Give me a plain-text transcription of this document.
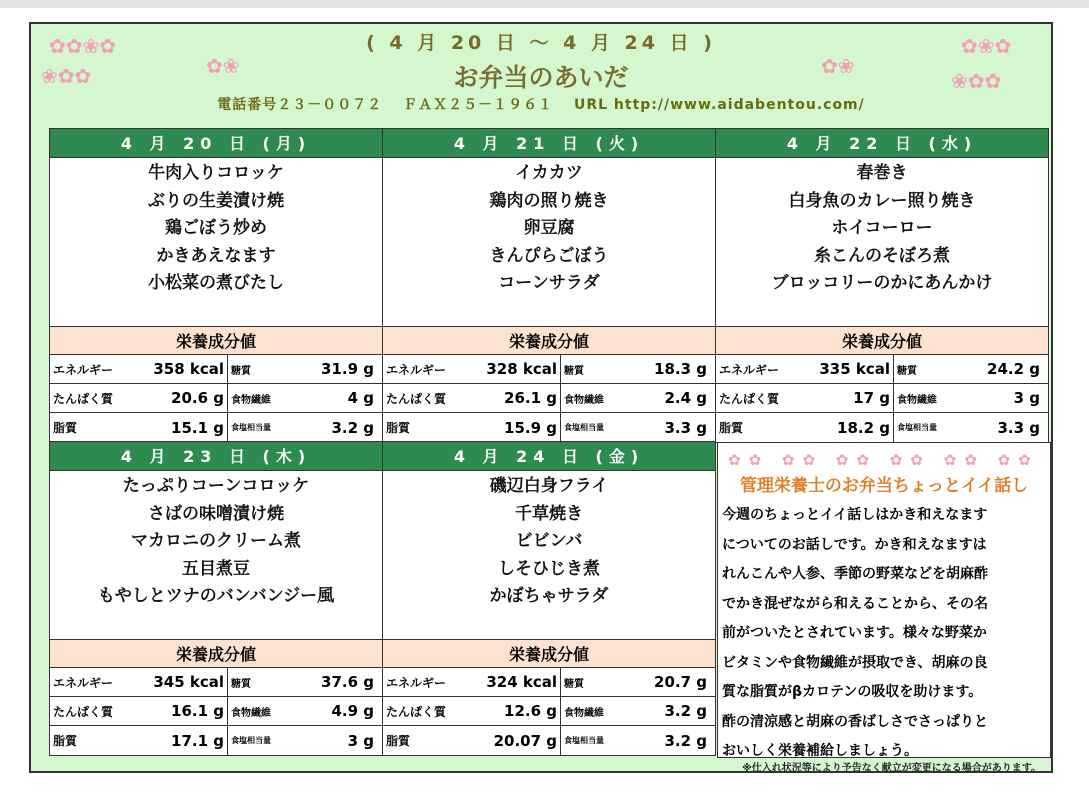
✿✿❀✿
❀✿✿	✿❀	✿❀
✿❀✿
❀✿✿
( 4 月 20 日 ～ 4 月 24 日 )
お弁当のあいだ
電話番号２３－００７２　 ＦＡＸ２５－１９６１　 URL http://www.aidabentou.com/
4 月 20 日 (月)
牛肉入りコロッケ
ぶりの生姜漬け焼
鶏ごぼう炒め
かきあえなます
小松菜の煮びたし
栄養成分値
エネルギー	358 kcal 糖質	31.9 g
たんぱく質	20.6 g 食物繊維	4 g
脂質	15.1 g 食塩相当量	3.2 g
4 月 21 日 (火)
イカカツ
鶏肉の照り焼き
卵豆腐
きんぴらごぼう
コーンサラダ
栄養成分値
エネルギー	328 kcal 糖質	18.3 g
たんぱく質	26.1 g 食物繊維	2.4 g
脂質	15.9 g 食塩相当量	3.3 g
4 月 22 日 (水)
春巻き
白身魚のカレー照り焼き
ホイコーロー
糸こんのそぼろ煮
ブロッコリーのかにあんかけ
栄養成分値
エネルギー	335 kcal 糖質	24.2 g
たんぱく質	17 g 食物繊維	3 g
脂質	18.2 g 食塩相当量	3.3 g
4 月 23 日 (木)
たっぷりコーンコロッケ
さばの味噌漬け焼
マカロニのクリーム煮
五目煮豆
もやしとツナのバンバンジー風
栄養成分値
エネルギー	345 kcal 糖質	37.6 g
たんぱく質	16.1 g 食物繊維	4.9 g
脂質	17.1 g 食塩相当量	3 g
4 月 24 日 (金)
磯辺白身フライ
千草焼き
ビビンバ
しそひじき煮
かぼちゃサラダ
栄養成分値
エネルギー	324 kcal 糖質	20.7 g
たんぱく質	12.6 g 食物繊維	3.2 g
脂質	20.07 g 食塩相当量	3.2 g
✿✿ ✿✿ ✿✿ ✿✿ ✿✿ ✿✿
管理栄養士のお弁当ちょっとイイ話し
今週のちょっとイイ話しはかき和えなます
についてのお話しです。かき和えなますは
れんこんや人参、季節の野菜などを胡麻酢
でかき混ぜながら和えることから、その名
前がついたとされています。様々な野菜か
ビタミンや食物繊維が摂取でき、胡麻の良
質な脂質がβカロテンの吸収を助けます。
酢の清涼感と胡麻の香ばしさでさっぱりと
おいしく栄養補給しましょう。
※仕入れ状況等により予告なく献立が変更になる場合があります。
